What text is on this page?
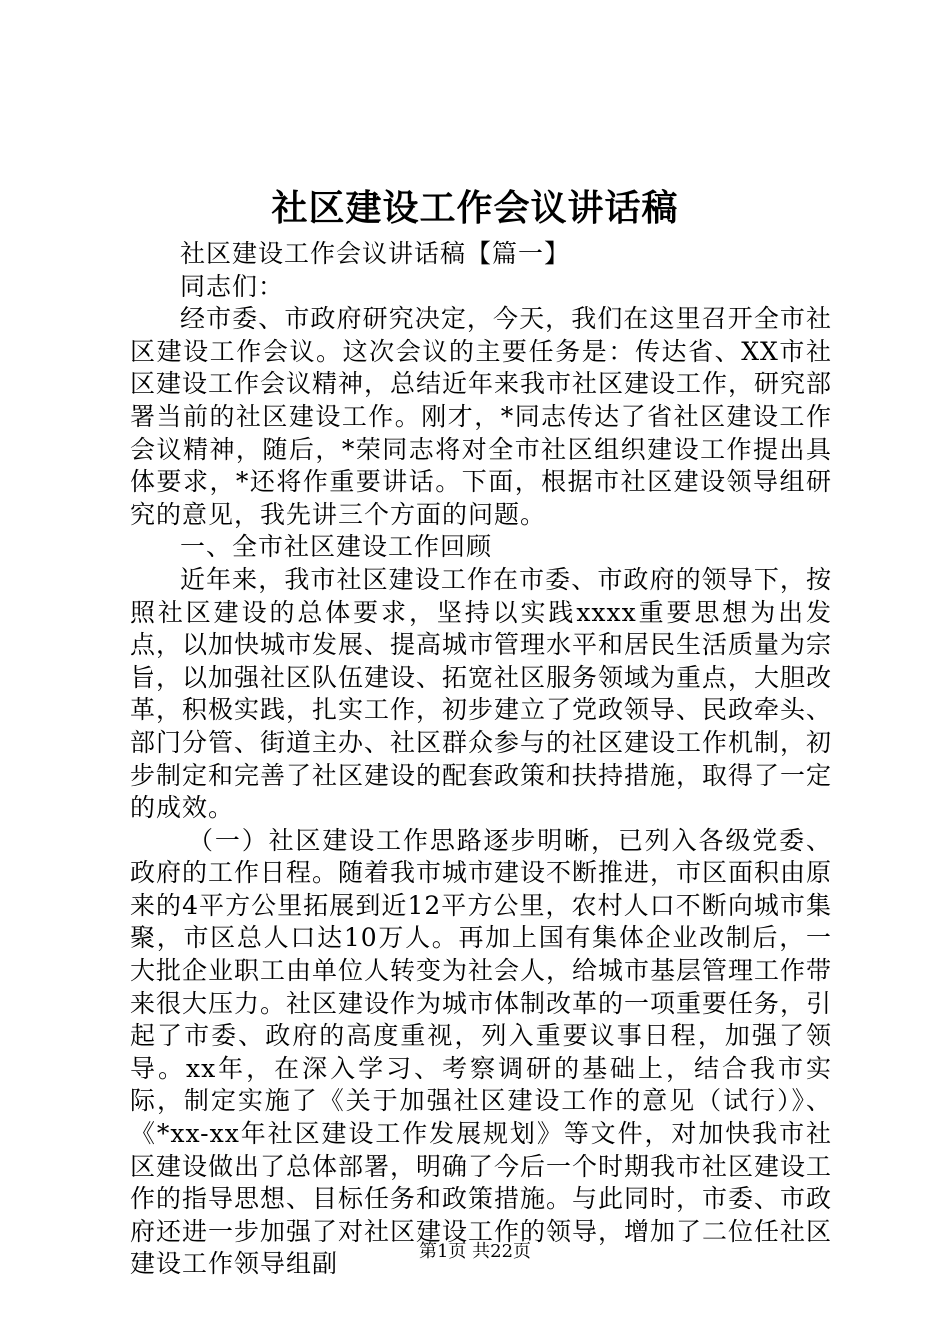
社区建设工作会议讲话稿

社区建设工作会议讲话稿【篇一】

同志们：

经市委、市政府研究决定，今天，我们在这里召开全市社区建设工作会议。这次会议的主要任务是：传达省、XX市社区建设工作会议精神，总结近年来我市社区建设工作，研究部署当前的社区建设工作。刚才，*同志传达了省社区建设工作会议精神，随后，*荣同志将对全市社区组织建设工作提出具体要求，*还将作重要讲话。下面，根据市社区建设领导组研究的意见，我先讲三个方面的问题。

一、全市社区建设工作回顾

近年来，我市社区建设工作在市委、市政府的领导下，按照社区建设的总体要求，坚持以实践xxxx重要思想为出发点，以加快城市发展、提高城市管理水平和居民生活质量为宗旨，以加强社区队伍建设、拓宽社区服务领域为重点，大胆改革，积极实践，扎实工作，初步建立了党政领导、民政牵头、部门分管、街道主办、社区群众参与的社区建设工作机制，初步制定和完善了社区建设的配套政策和扶持措施，取得了一定的成效。

（一）社区建设工作思路逐步明晰，已列入各级党委、政府的工作日程。随着我市城市建设不断推进，市区面积由原来的4平方公里拓展到近12平方公里，农村人口不断向城市集聚，市区总人口达10万人。再加上国有集体企业改制后，一大批企业职工由单位人转变为社会人，给城市基层管理工作带来很大压力。社区建设作为城市体制改革的一项重要任务，引起了市委、政府的高度重视，列入重要议事日程，加强了领导。xx年，在深入学习、考察调研的基础上，结合我市实际，制定实施了《关于加强社区建设工作的意见（试行）》、《*xx-xx年社区建设工作发展规划》等文件，对加快我市社区建设做出了总体部署，明确了今后一个时期我市社区建设工作的指导思想、目标任务和政策措施。与此同时，市委、市政府还进一步加强了对社区建设工作的领导，增加了二位任社区建设工作领导组副	第1页 共22页
